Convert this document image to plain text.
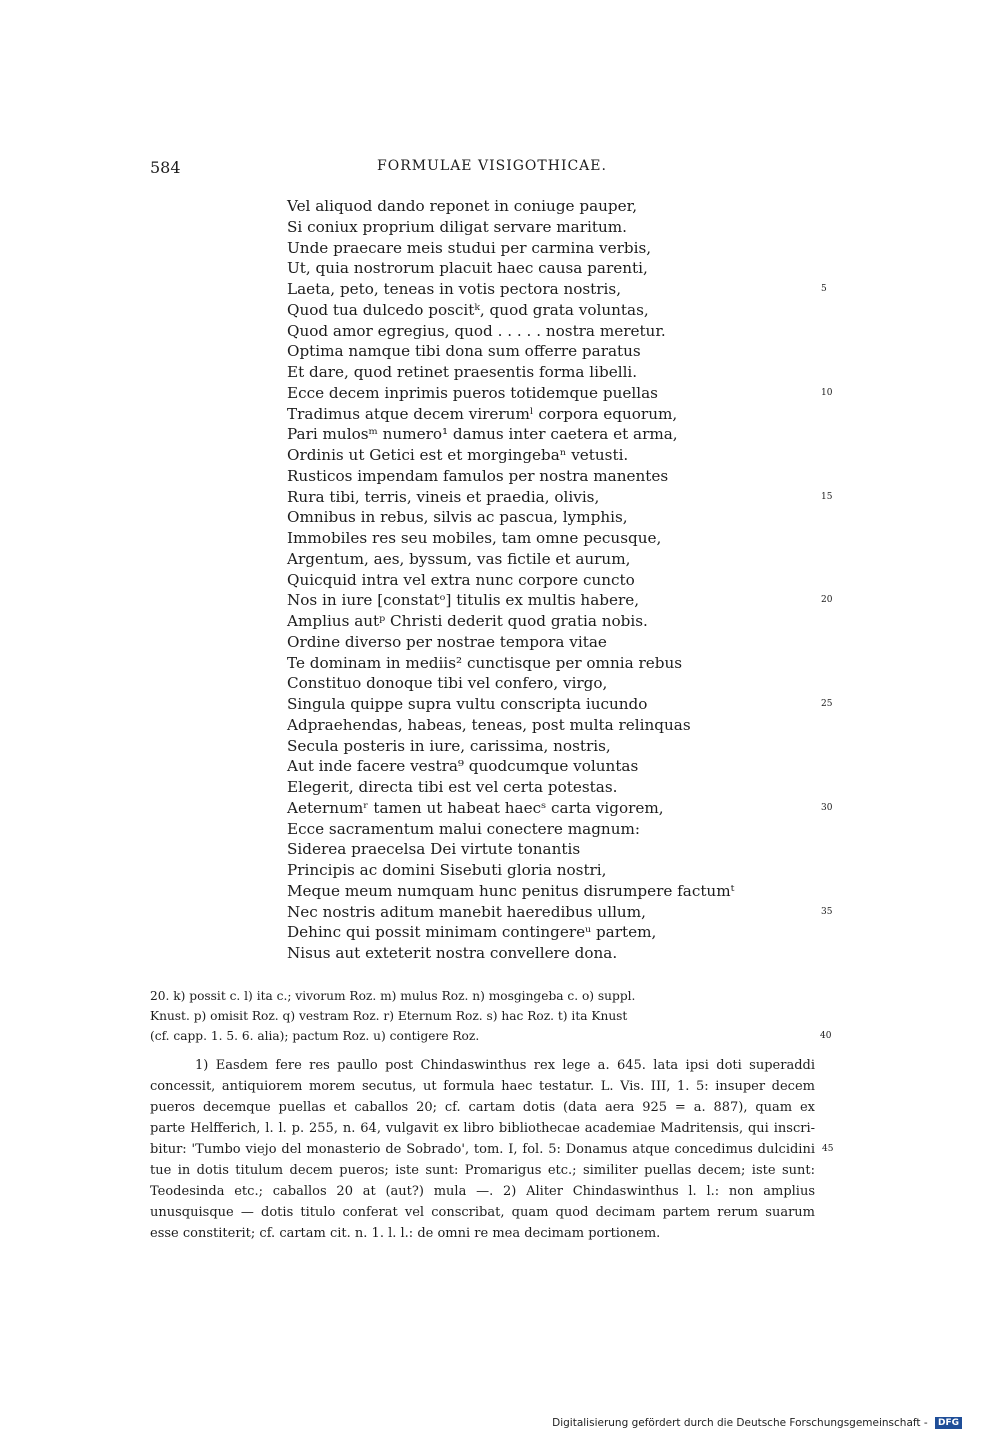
584	FORMULAE VISIGOTHICAE.
Vel aliquod dando reponet in coniuge pauper,
Si coniux proprium diligat servare maritum.
Unde praecare meis studui per carmina verbis,
Ut, quia nostrorum placuit haec causa parenti,
Laeta, peto, teneas in votis pectora nostris,	5
Quod tua dulcedo poscitᵏ, quod grata voluntas,
Quod amor egregius, quod . . . . . nostra meretur.
Optima namque tibi dona sum offerre paratus
Et dare, quod retinet praesentis forma libelli.
Ecce decem inprimis pueros totidemque puellas	10
Tradimus atque decem virerumˡ corpora equorum,
Pari mulosᵐ numero¹ damus inter caetera et arma,
Ordinis ut Getici est et morgingebaⁿ vetusti.
Rusticos impendam famulos per nostra manentes
Rura tibi, terris, vineis et praedia, olivis,	15
Omnibus in rebus, silvis ac pascua, lymphis,
Immobiles res seu mobiles, tam omne pecusque,
Argentum, aes, byssum, vas fictile et aurum,
Quicquid intra vel extra nunc corpore cuncto
Nos in iure [constatᵒ] titulis ex multis habere,	20
Amplius autᵖ Christi dederit quod gratia nobis.
Ordine diverso per nostrae tempora vitae
Te dominam in mediis² cunctisque per omnia rebus
Constituo donoque tibi vel confero, virgo,
Singula quippe supra vultu conscripta iucundo	25
Adpraehendas, habeas, teneas, post multa relinquas
Secula posteris in iure, carissima, nostris,
Aut inde facere vestra⁹ quodcumque voluntas
Elegerit, directa tibi est vel certa potestas.
Aeternumʳ tamen ut habeat haecˢ carta vigorem,	30
Ecce sacramentum malui conectere magnum:
Siderea praecelsa Dei virtute tonantis
Principis ac domini Sisebuti gloria nostri,
Meque meum numquam hunc penitus disrumpere factumᵗ
Nec nostris aditum manebit haeredibus ullum,	35
Dehinc qui possit minimam contingereᵘ partem,
Nisus aut exteterit nostra convellere dona.
20. k) possit c. l) ita c.; vivorum Roz. m) mulus Roz. n) mosgingeba c. o) suppl.
Knust. p) omisit Roz. q) vestram Roz. r) Eternum Roz. s) hac Roz. t) ita Knust
(cf. capp. 1. 5. 6. alia); pactum Roz. u) contigere Roz.	40
1) Easdem fere res paullo post Chindaswinthus rex lege a. 645. lata ipsi doti superaddi
concessit, antiquiorem morem secutus, ut formula haec testatur. L. Vis. III, 1. 5: insuper decem
pueros decemque puellas et caballos 20; cf. cartam dotis (data aera 925 = a. 887), quam ex
parte Helfferich, l. l. p. 255, n. 64, vulgavit ex libro bibliothecae academiae Madritensis, qui inscri-
bitur: 'Tumbo viejo del monasterio de Sobrado', tom. I, fol. 5: Donamus atque concedimus dulcidini 45
tue in dotis titulum decem pueros; iste sunt: Promarigus etc.; similiter puellas decem; iste sunt:
Teodesinda etc.; caballos 20 at (aut?) mula —. 2) Aliter Chindaswinthus l. l.: non amplius
unusquisque — dotis titulo conferat vel conscribat, quam quod decimam partem rerum suarum
esse constiterit; cf. cartam cit. n. 1. l. l.: de omni re mea decimam portionem.
Digitalisierung gefördert durch die Deutsche Forschungsgemeinschaft - DFG
